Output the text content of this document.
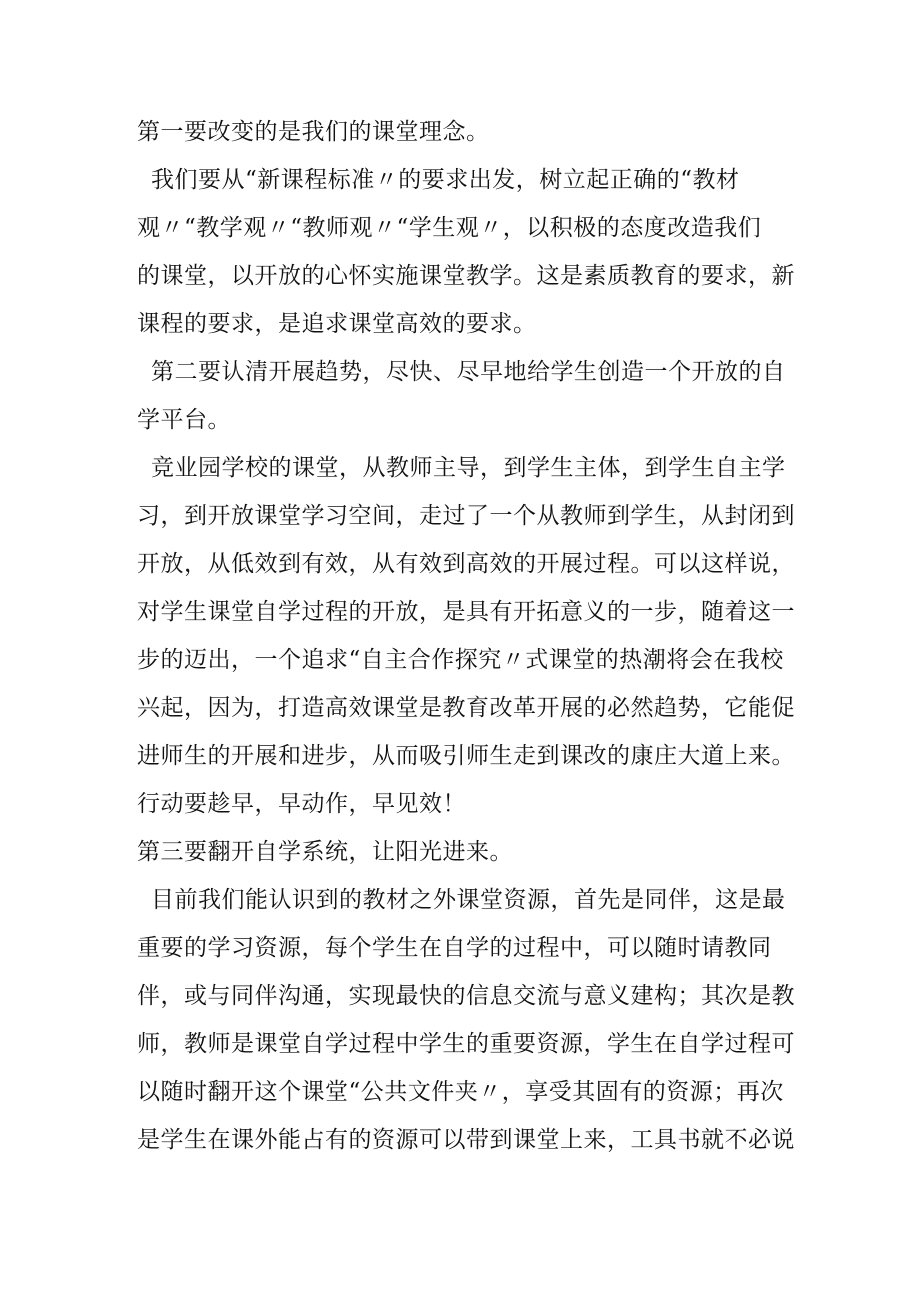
第一要改变的是我们的课堂理念。
我们要从“新课程标准〃的要求出发，树立起正确的“教材
观〃“教学观〃“教师观〃“学生观〃，以积极的态度改造我们
的课堂，以开放的心怀实施课堂教学。这是素质教育的要求，新
课程的要求，是追求课堂高效的要求。
第二要认清开展趋势，尽快、尽早地给学生创造一个开放的自
学平台。
竞业园学校的课堂，从教师主导，到学生主体，到学生自主学
习，到开放课堂学习空间，走过了一个从教师到学生，从封闭到
开放，从低效到有效，从有效到高效的开展过程。可以这样说，
对学生课堂自学过程的开放，是具有开拓意义的一步，随着这一
步的迈出，一个追求“自主合作探究〃式课堂的热潮将会在我校
兴起，因为，打造高效课堂是教育改革开展的必然趋势，它能促
进师生的开展和进步，从而吸引师生走到课改的康庄大道上来。
行动要趁早，早动作，早见效！
第三要翻开自学系统，让阳光进来。
目前我们能认识到的教材之外课堂资源，首先是同伴，这是最
重要的学习资源，每个学生在自学的过程中，可以随时请教同
伴，或与同伴沟通，实现最快的信息交流与意义建构；其次是教
师，教师是课堂自学过程中学生的重要资源，学生在自学过程可
以随时翻开这个课堂“公共文件夹〃，享受其固有的资源；再次
是学生在课外能占有的资源可以带到课堂上来，工具书就不必说
